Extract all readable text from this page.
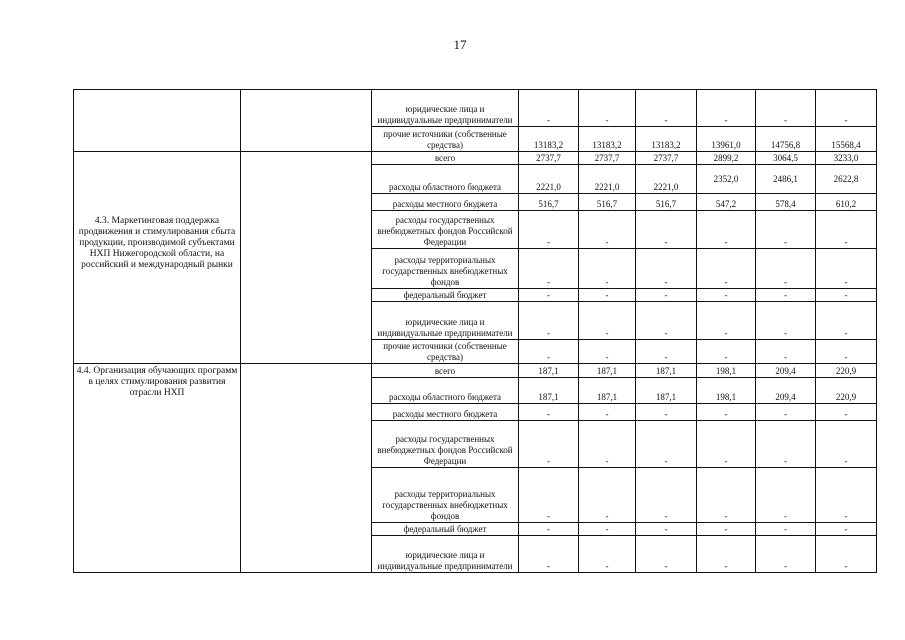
17
		юридические лица и индивидуальные предприниматели	-	-	-	-	-	-
		прочие источники (собственные средства)	13183,2	13183,2	13183,2	13961,0	14756,8	15568,4
4.3. Маркетинговая поддержка продвижения и стимулирования сбыта продукции, производимой субъектами НХП Нижегородской области, на российский и международный рынки		всего	2737,7	2737,7	2737,7	2899,2	3064,5	3233,0
		расходы областного бюджета	2221,0	2221,0	2221,0	2352,0	2486,1	2622,8
		расходы местного бюджета	516,7	516,7	516,7	547,2	578,4	610,2
		расходы государственных внебюджетных фондов Российской Федерации	-	-	-	-	-	-
		расходы территориальных государственных внебюджетных фондов	-	-	-	-	-	-
		федеральный бюджет	-	-	-	-	-	-
		юридические лица и индивидуальные предприниматели	-	-	-	-	-	-
		прочие источники (собственные средства)	-	-	-	-	-	-
4.4. Организация обучающих программ в целях стимулирования развития отрасли НХП		всего	187,1	187,1	187,1	198,1	209,4	220,9
		расходы областного бюджета	187,1	187,1	187,1	198,1	209,4	220,9
		расходы местного бюджета	-	-	-	-	-	-
		расходы государственных внебюджетных фондов Российской Федерации	-	-	-	-	-	-
		расходы территориальных государственных внебюджетных фондов	-	-	-	-	-	-
		федеральный бюджет	-	-	-	-	-	-
		юридические лица и индивидуальные предприниматели	-	-	-	-	-	-
